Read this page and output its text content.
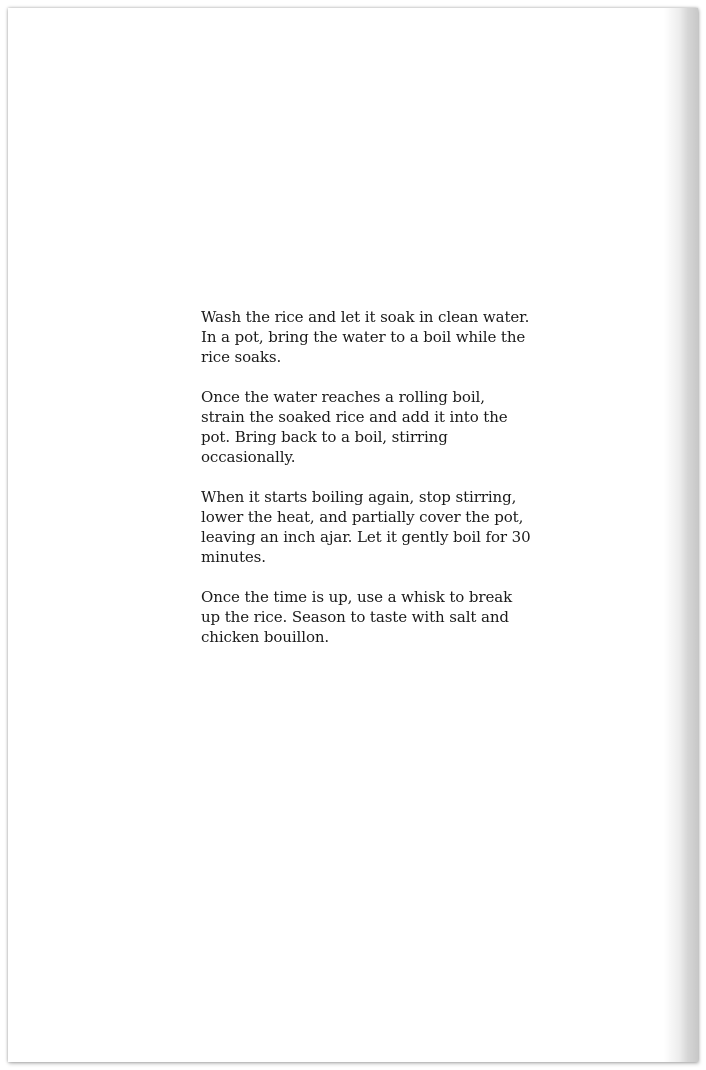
Wash the rice and let it soak in clean water. In a pot, bring the water to a boil while the rice soaks.

Once the water reaches a rolling boil, strain the soaked rice and add it into the pot. Bring back to a boil, stirring occasionally.

When it starts boiling again, stop stirring, lower the heat, and partially cover the pot, leaving an inch ajar. Let it gently boil for 30 minutes.

Once the time is up, use a whisk to break up the rice. Season to taste with salt and chicken bouillon.
